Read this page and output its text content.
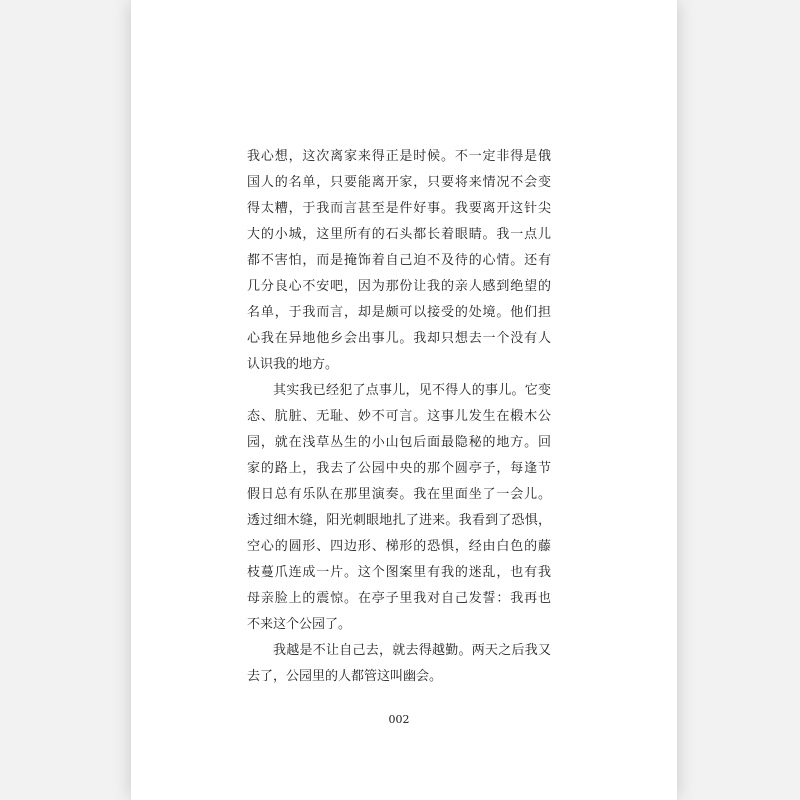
我心想，这次离家来得正是时候。不一定非得是俄
国人的名单，只要能离开家，只要将来情况不会变
得太糟，于我而言甚至是件好事。我要离开这针尖
大的小城，这里所有的石头都长着眼睛。我一点儿
都不害怕，而是掩饰着自己迫不及待的心情。还有
几分良心不安吧，因为那份让我的亲人感到绝望的
名单，于我而言，却是颇可以接受的处境。他们担
心我在异地他乡会出事儿。我却只想去一个没有人
认识我的地方。
其实我已经犯了点事儿，见不得人的事儿。它变
态、肮脏、无耻、妙不可言。这事儿发生在椴木公
园，就在浅草丛生的小山包后面最隐秘的地方。回
家的路上，我去了公园中央的那个圆亭子，每逢节
假日总有乐队在那里演奏。我在里面坐了一会儿。
透过细木缝，阳光刺眼地扎了进来。我看到了恐惧，
空心的圆形、四边形、梯形的恐惧，经由白色的藤
枝蔓爪连成一片。这个图案里有我的迷乱，也有我
母亲脸上的震惊。在亭子里我对自己发誓：我再也
不来这个公园了。
我越是不让自己去，就去得越勤。两天之后我又
去了，公园里的人都管这叫幽会。
002
